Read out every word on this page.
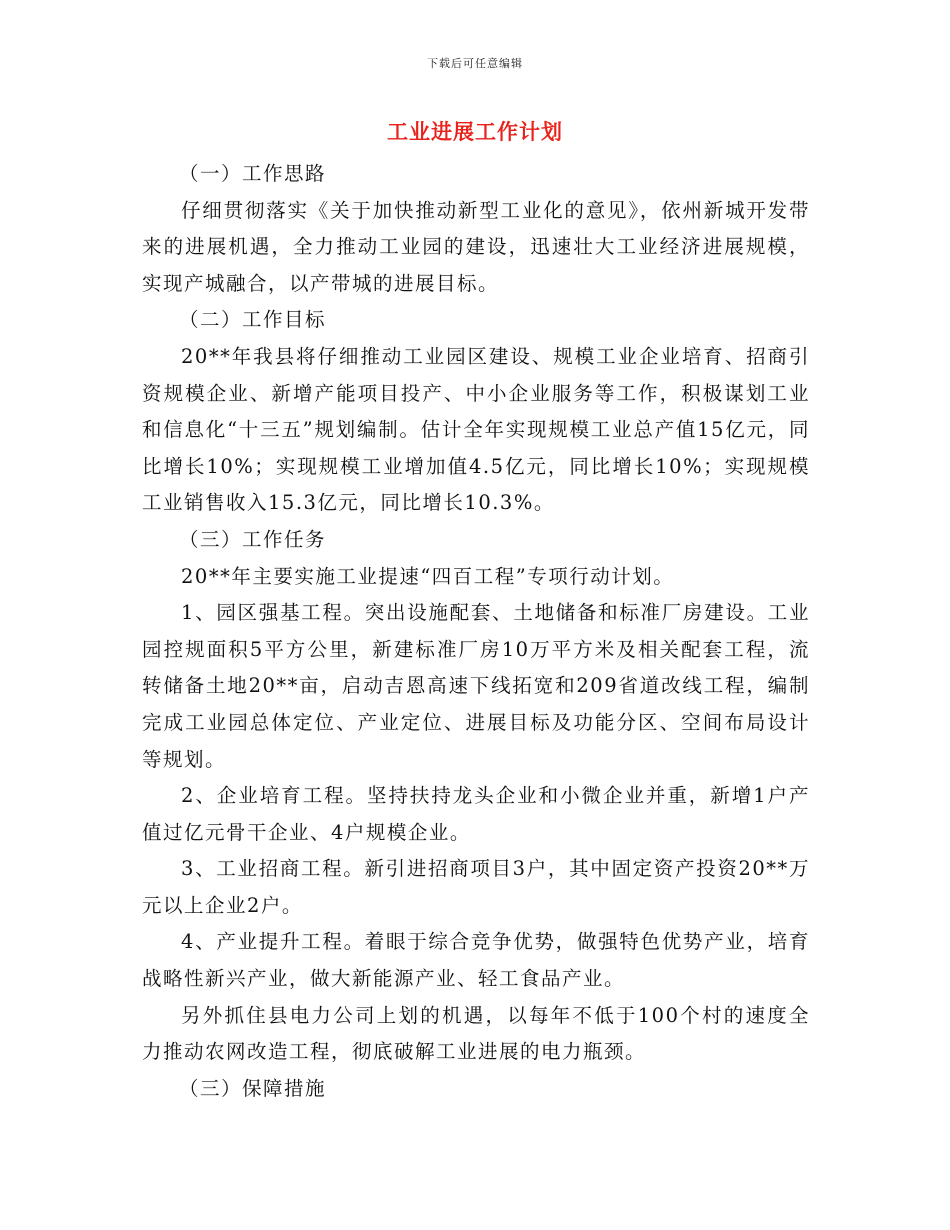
下载后可任意编辑
工业进展工作计划

（一）工作思路

仔细贯彻落实《关于加快推动新型工业化的意见》，依州新城开发带来的进展机遇，全力推动工业园的建设，迅速壮大工业经济进展规模，实现产城融合，以产带城的进展目标。

（二）工作目标

20**年我县将仔细推动工业园区建设、规模工业企业培育、招商引资规模企业、新增产能项目投产、中小企业服务等工作，积极谋划工业和信息化“十三五”规划编制。估计全年实现规模工业总产值15亿元，同比增长10%；实现规模工业增加值4.5亿元，同比增长10%；实现规模工业销售收入15.3亿元，同比增长10.3%。

（三）工作任务

20**年主要实施工业提速“四百工程”专项行动计划。

1、园区强基工程。突出设施配套、土地储备和标准厂房建设。工业园控规面积5平方公里，新建标准厂房10万平方米及相关配套工程，流转储备土地20**亩，启动吉恩高速下线拓宽和209省道改线工程，编制完成工业园总体定位、产业定位、进展目标及功能分区、空间布局设计等规划。

2、企业培育工程。坚持扶持龙头企业和小微企业并重，新增1户产值过亿元骨干企业、4户规模企业。

3、工业招商工程。新引进招商项目3户，其中固定资产投资20**万元以上企业2户。

4、产业提升工程。着眼于综合竞争优势，做强特色优势产业，培育战略性新兴产业，做大新能源产业、轻工食品产业。

另外抓住县电力公司上划的机遇，以每年不低于100个村的速度全力推动农网改造工程，彻底破解工业进展的电力瓶颈。

（三）保障措施
